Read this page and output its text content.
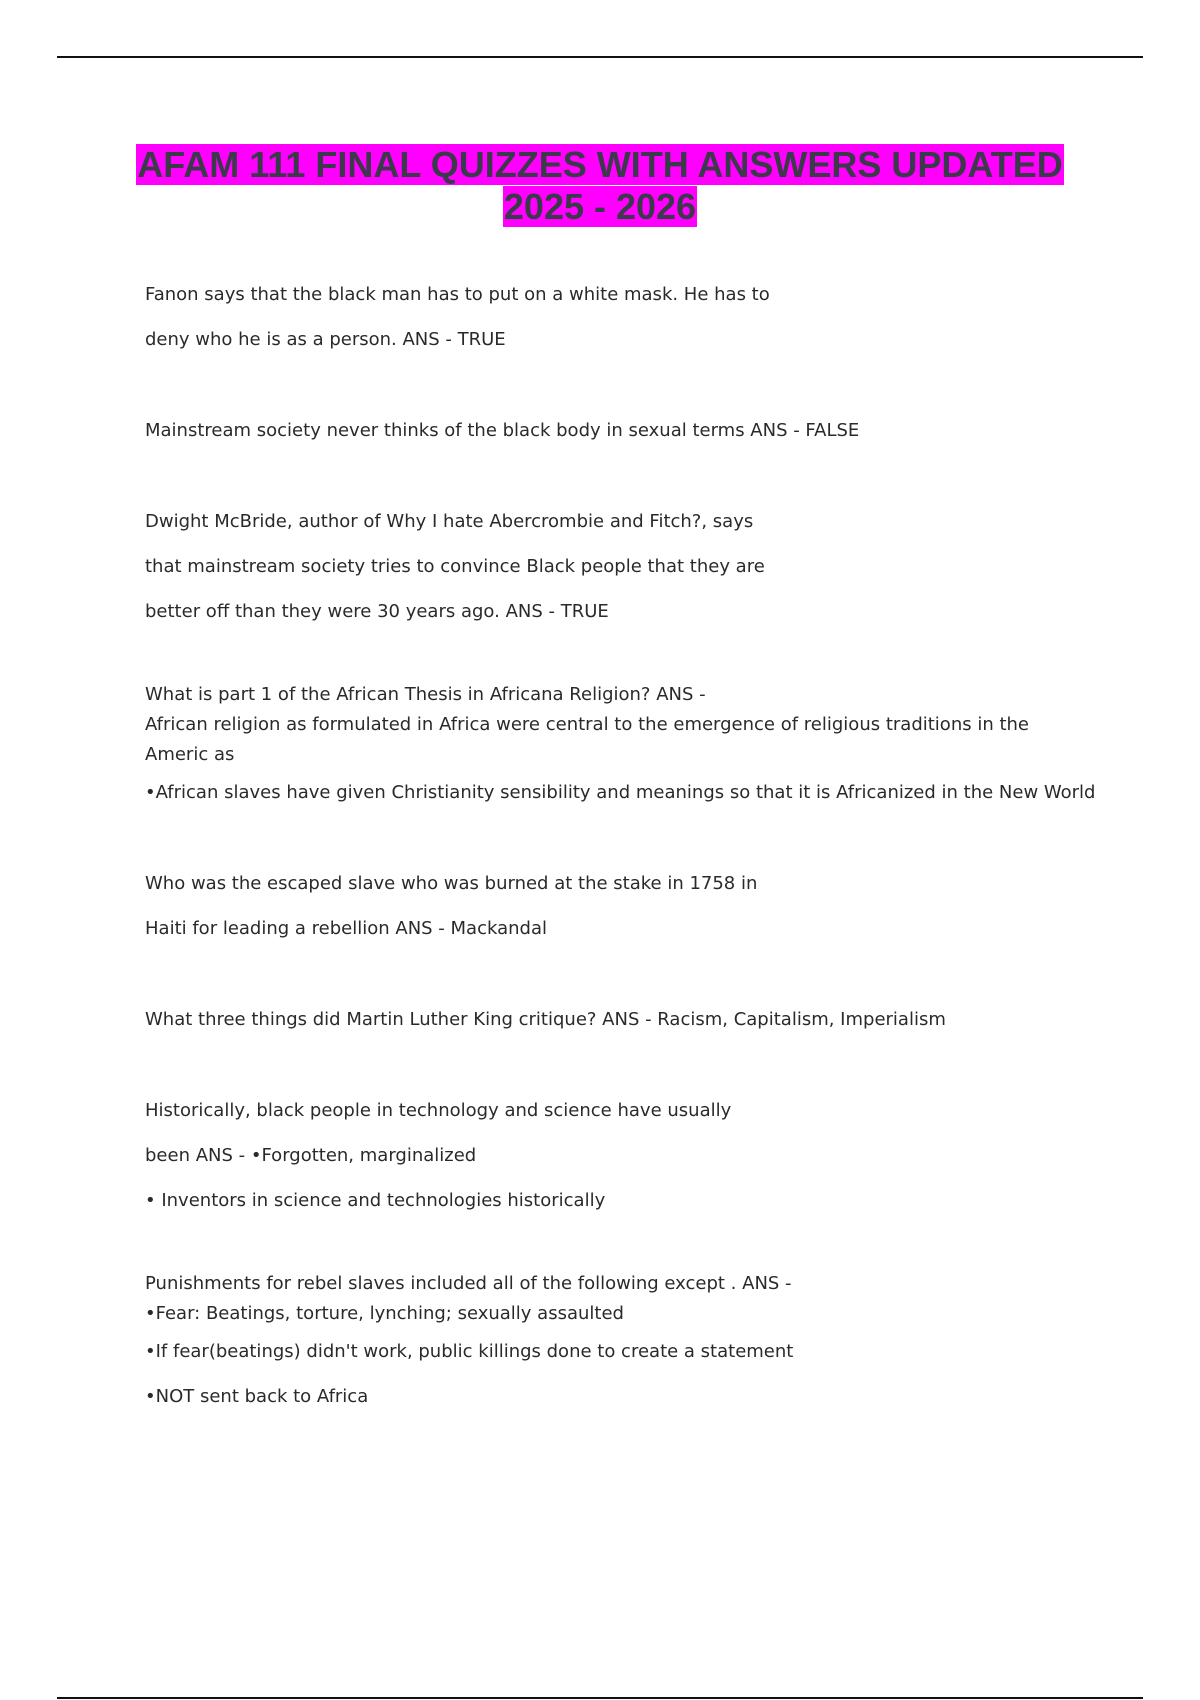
AFAM 111 FINAL QUIZZES WITH ANSWERS UPDATED
2025 - 2026
Fanon says that the black man has to put on a white mask. He has to
deny who he is as a person. ANS - TRUE
Mainstream society never thinks of the black body in sexual terms ANS - FALSE
Dwight McBride, author of Why I hate Abercrombie and Fitch?, says
that mainstream society tries to convince Black people that they are
better off than they were 30 years ago. ANS - TRUE
What is part 1 of the African Thesis in Africana Religion? ANS -
African religion as formulated in Africa were central to the emergence of religious traditions in the Americ as
•African slaves have given Christianity sensibility and meanings so that it is Africanized in the New World
Who was the escaped slave who was burned at the stake in 1758 in
Haiti for leading a rebellion ANS - Mackandal
What three things did Martin Luther King critique? ANS - Racism, Capitalism, Imperialism
Historically, black people in technology and science have usually
been ANS - •Forgotten, marginalized
• Inventors in science and technologies historically
Punishments for rebel slaves included all of the following except . ANS -
•Fear: Beatings, torture, lynching; sexually assaulted
•If fear(beatings) didn't work, public killings done to create a statement
•NOT sent back to Africa
